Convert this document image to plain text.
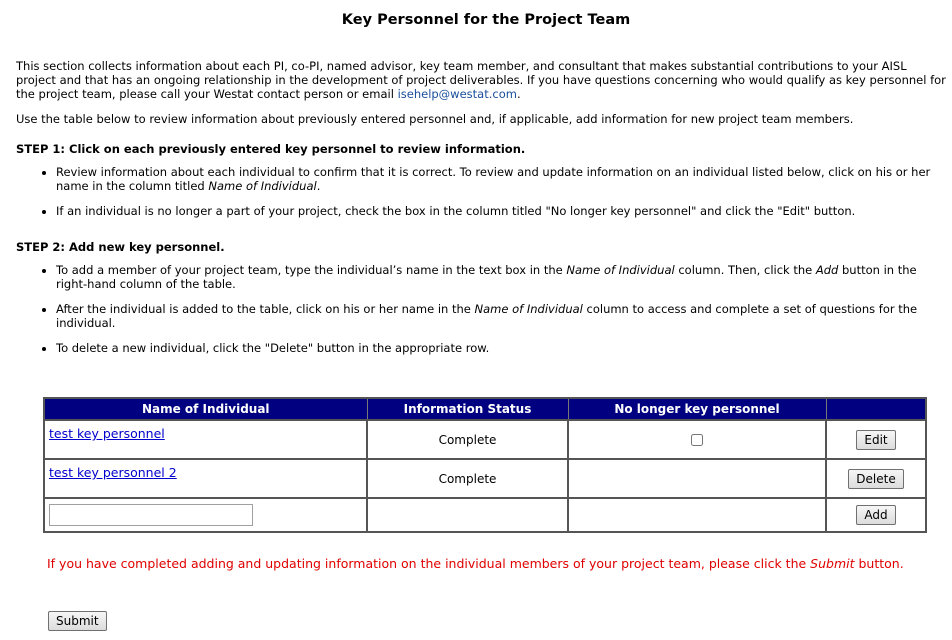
Key Personnel for the Project Team
This section collects information about each PI, co-PI, named advisor, key team member, and consultant that makes substantial contributions to your AISL project and that has an ongoing relationship in the development of project deliverables. If you have questions concerning who would qualify as key personnel for the project team, please call your Westat contact person or email isehelp@westat.com.
Use the table below to review information about previously entered personnel and, if applicable, add information for new project team members.
STEP 1: Click on each previously entered key personnel to review information.
Review information about each individual to confirm that it is correct. To review and update information on an individual listed below, click on his or her name in the column titled Name of Individual.
If an individual is no longer a part of your project, check the box in the column titled "No longer key personnel" and click the "Edit" button.
STEP 2: Add new key personnel.
To add a member of your project team, type the individual’s name in the text box in the Name of Individual column. Then, click the Add button in the right-hand column of the table.
After the individual is added to the table, click on his or her name in the Name of Individual column to access and complete a set of questions for the individual.
To delete a new individual, click the "Delete" button in the appropriate row.
Name of Individual	Information Status	No longer key personnel	
test key personnel	Complete		Edit
test key personnel 2	Complete		Delete
			Add
If you have completed adding and updating information on the individual members of your project team, please click the Submit button.
Submit
